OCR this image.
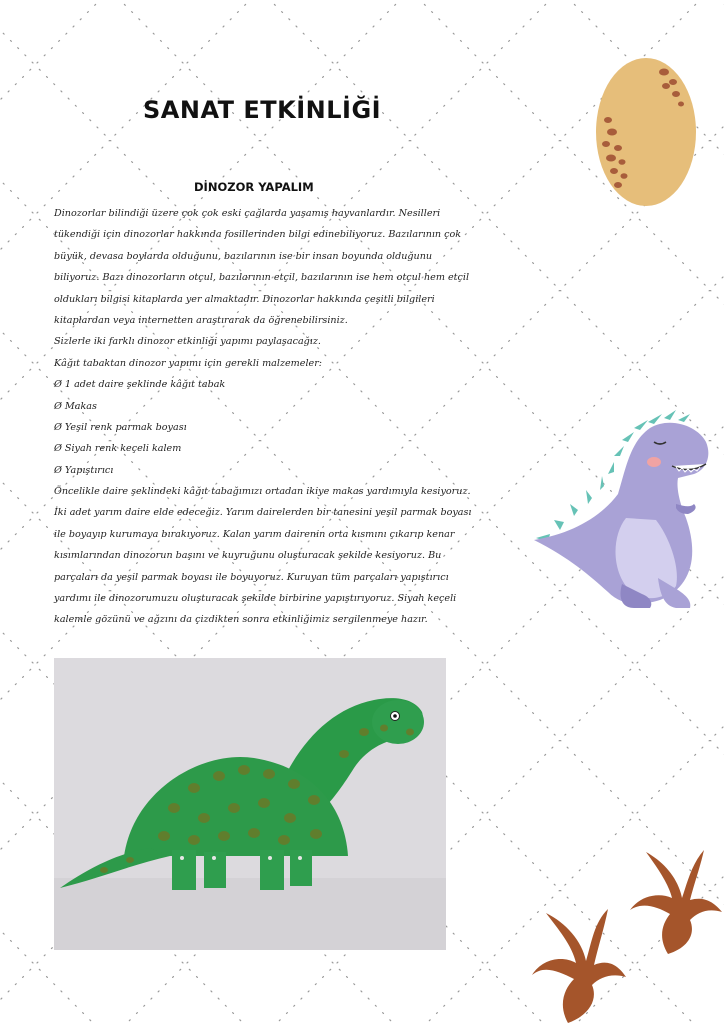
SANAT ETKİNLİĞİ
DİNOZOR YAPALIM
Dinozorlar bilindiği üzere çok çok eski çağlarda yaşamış hayvanlardır. Nesilleri
tükendiği için dinozorlar hakkında fosillerinden bilgi edinebiliyoruz. Bazılarının çok
büyük, devasa boylarda olduğunu, bazılarının ise bir insan boyunda olduğunu
biliyoruz. Bazı dinozorların otçul, bazılarının etçil, bazılarının ise hem otçul hem etçil
oldukları bilgisi kitaplarda yer almaktadır. Dinozorlar hakkında çeşitli bilgileri
kitaplardan veya internetten araştırarak da öğrenebilirsiniz.
Sizlerle iki farklı dinozor etkinliği yapımı paylaşacağız.
Kâğıt tabaktan dinozor yapımı için gerekli malzemeler:
Ø 1 adet daire şeklinde kâğıt tabak
Ø Makas
Ø Yeşil renk parmak boyası
Ø Siyah renk keçeli kalem
Ø Yapıştırıcı
Öncelikle daire şeklindeki kâğıt tabağımızı ortadan ikiye makas yardımıyla kesiyoruz.
İki adet yarım daire elde edeceğiz. Yarım dairelerden bir tanesini yeşil parmak boyası
ile boyayıp kurumaya bırakıyoruz. Kalan yarım dairenin orta kısmını çıkarıp kenar
kısımlarından dinozorun başını ve kuyruğunu oluşturacak şekilde kesiyoruz. Bu
parçaları da yeşil parmak boyası ile boyuyoruz. Kuruyan tüm parçaları yapıştırıcı
yardımı ile dinozorumuzu oluşturacak şekilde birbirine yapıştırıyoruz. Siyah keçeli
kalemle gözünü ve ağzını da çizdikten sonra etkinliğimiz sergilenmeye hazır.
